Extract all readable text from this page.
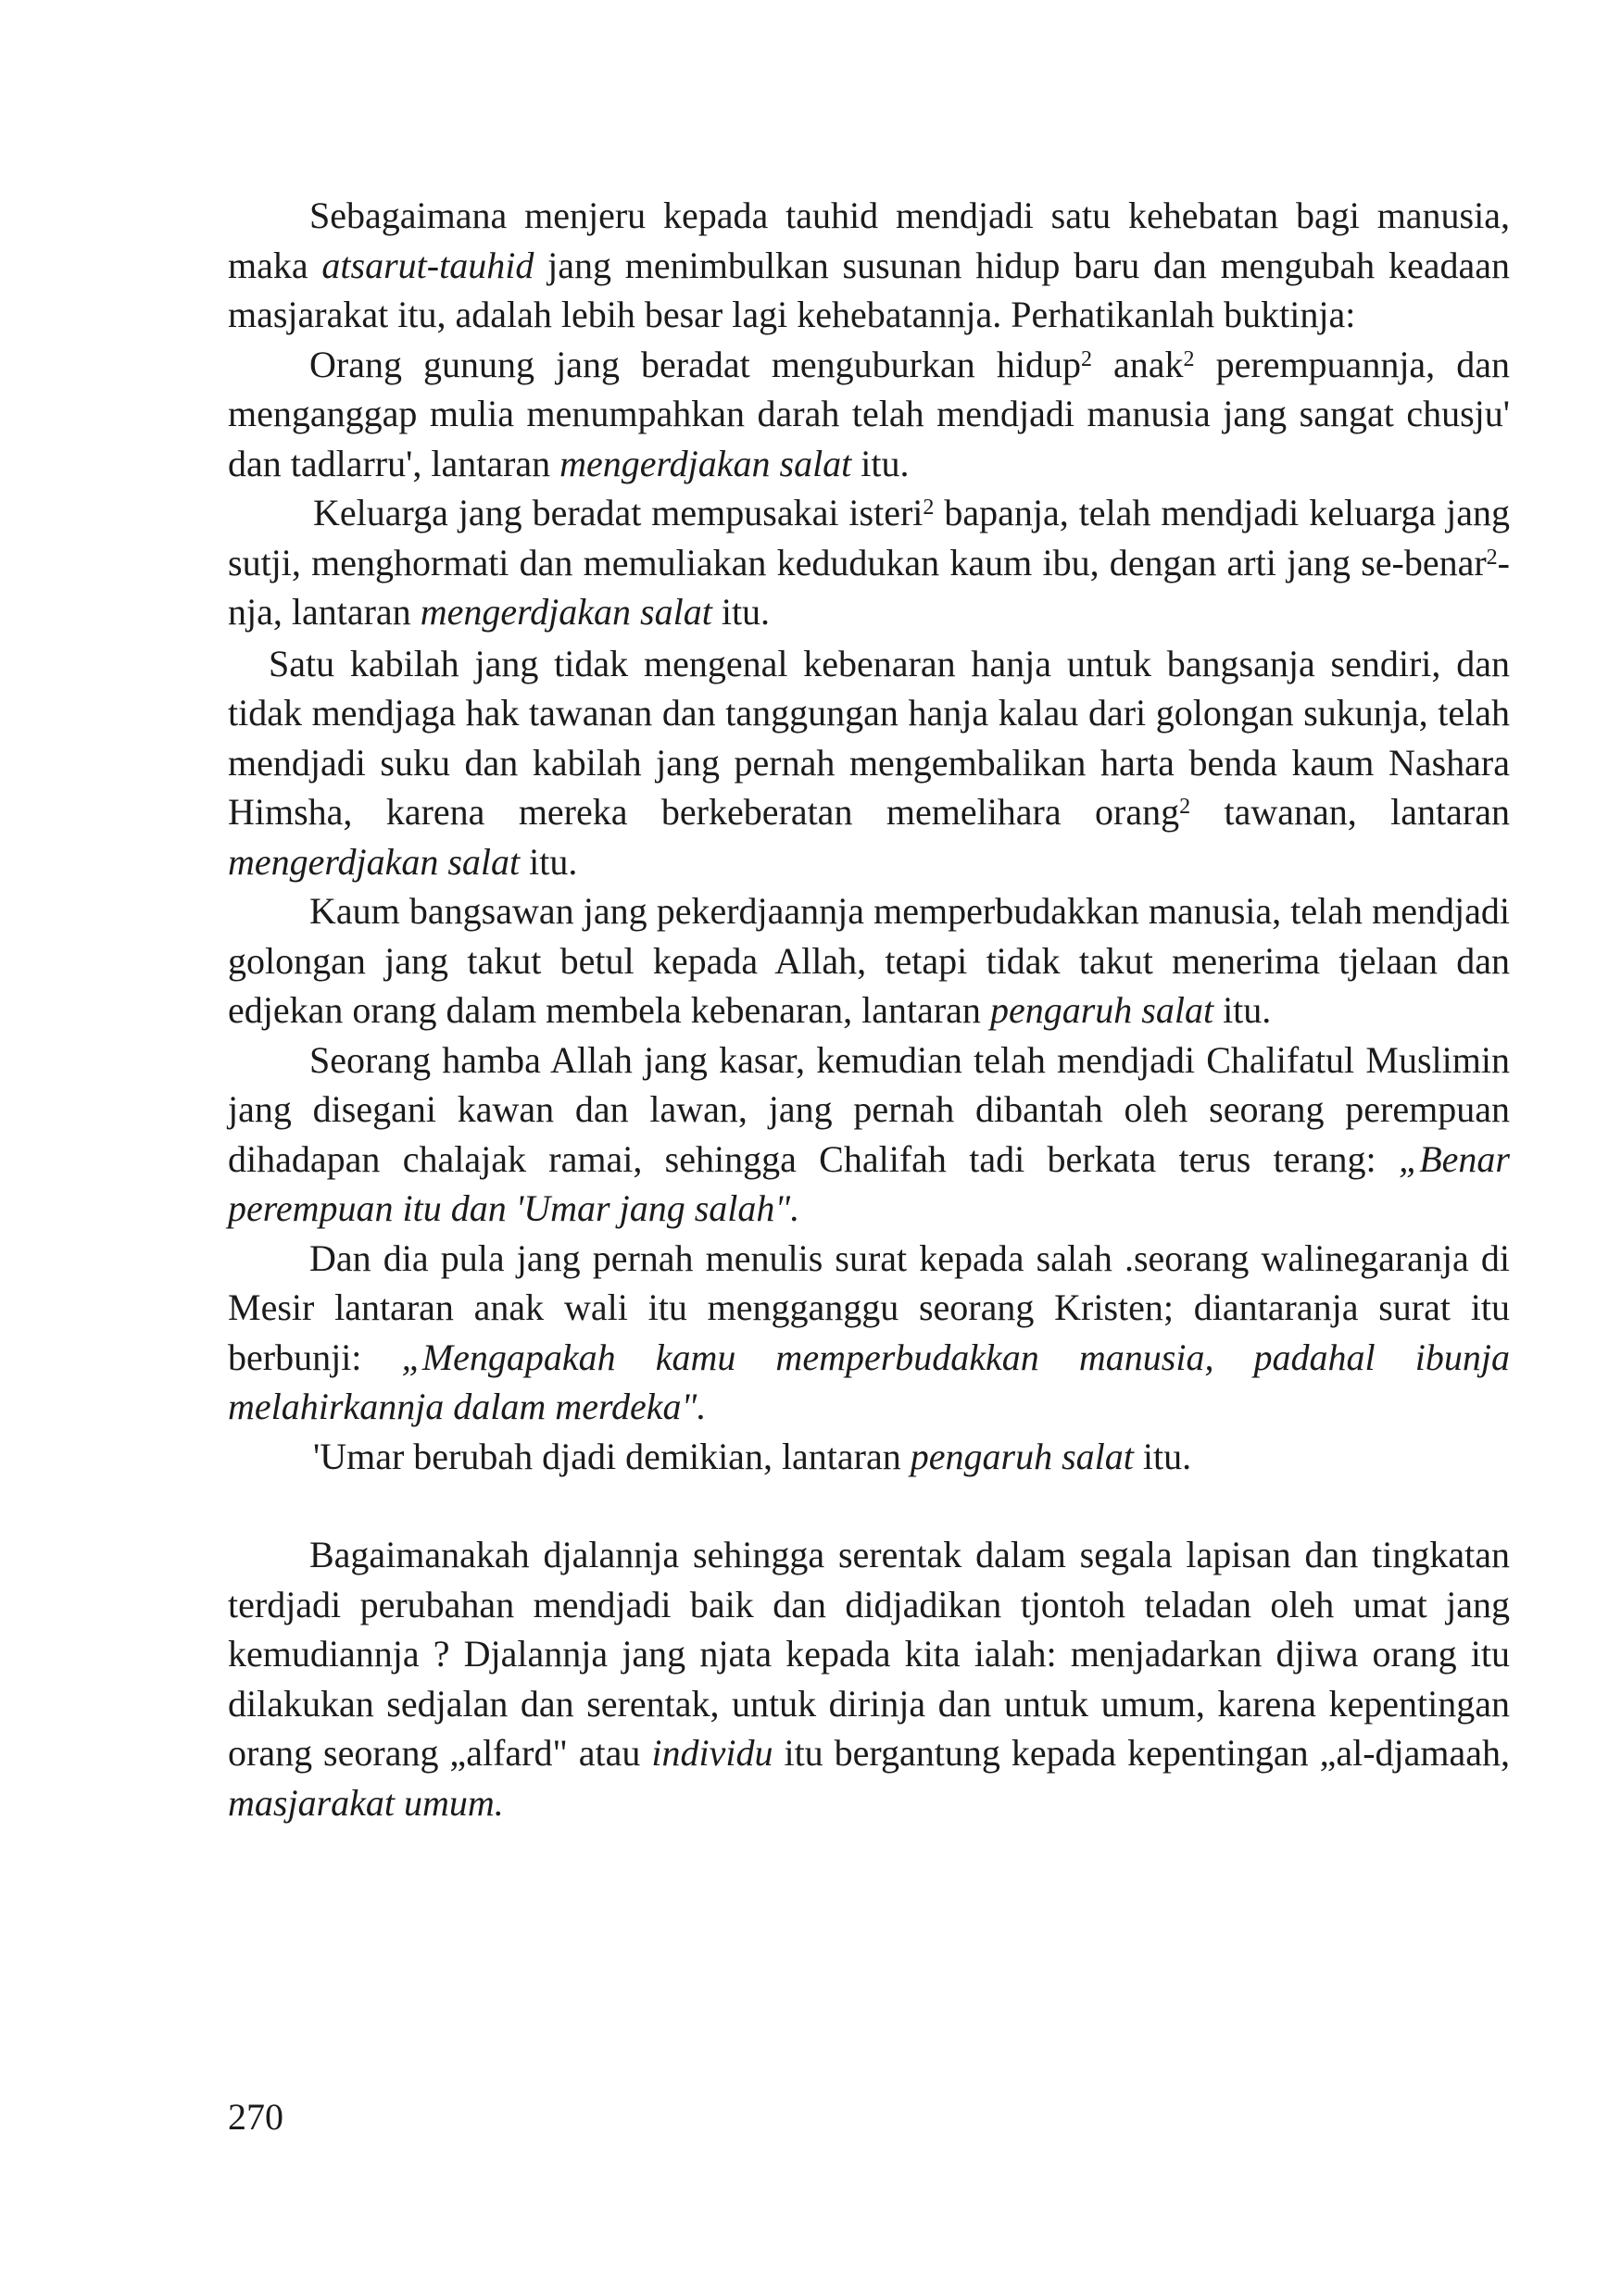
Sebagaimana menjeru kepada tauhid mendjadi satu kehebatan bagi manusia, maka atsarut-tauhid jang menimbulkan susunan hidup baru dan mengubah keadaan masjarakat itu, adalah lebih besar lagi kehebatannja. Perhatikanlah buktinja:

Orang gunung jang beradat menguburkan hidup$^2$ anak$^2$ perempuannja, dan menganggap mulia menumpahkan darah telah mendjadi manusia jang sangat chusju' dan tadlarru', lantaran mengerdjakan salat itu.

Keluarga jang beradat mempusakai isteri$^2$ bapanja, telah mendjadi keluarga jang sutji, menghormati dan memuliakan kedudukan kaum ibu, dengan arti jang se-benar$^2$-nja, lantaran mengerdjakan salat itu.

Satu kabilah jang tidak mengenal kebenaran hanja untuk bangsanja sendiri, dan tidak mendjaga hak tawanan dan tanggungan hanja kalau dari golongan sukunja, telah mendjadi suku dan kabilah jang pernah mengembalikan harta benda kaum Nashara Himsha, karena mereka berkeberatan memelihara orang$^2$ tawanan, lantaran mengerdjakan salat itu.

Kaum bangsawan jang pekerdjaannja memperbudakkan manusia, telah mendjadi golongan jang takut betul kepada Allah, tetapi tidak takut menerima tjelaan dan edjekan orang dalam membela kebenaran, lantaran pengaruh salat itu.

Seorang hamba Allah jang kasar, kemudian telah mendjadi Chalifatul Muslimin jang disegani kawan dan lawan, jang pernah dibantah oleh seorang perempuan dihadapan chalajak ramai, sehingga Chalifah tadi berkata terus terang: „Benar perempuan itu dan 'Umar jang salah".

Dan dia pula jang pernah menulis surat kepada salah .seorang walinegaranja di Mesir lantaran anak wali itu mengganggu seorang Kristen; diantaranja surat itu berbunji: „Mengapakah kamu memperbudakkan manusia, padahal ibunja melahirkannja dalam merdeka".

'Umar berubah djadi demikian, lantaran pengaruh salat itu.

Bagaimanakah djalannja sehingga serentak dalam segala lapisan dan tingkatan terdjadi perubahan mendjadi baik dan didjadikan tjontoh teladan oleh umat jang kemudiannja ? Djalannja jang njata kepada kita ialah: menjadarkan djiwa orang itu dilakukan sedjalan dan serentak, untuk dirinja dan untuk umum, karena kepentingan orang seorang „alfard" atau individu itu bergantung kepada kepentingan „al-djamaah, masjarakat umum.

270
